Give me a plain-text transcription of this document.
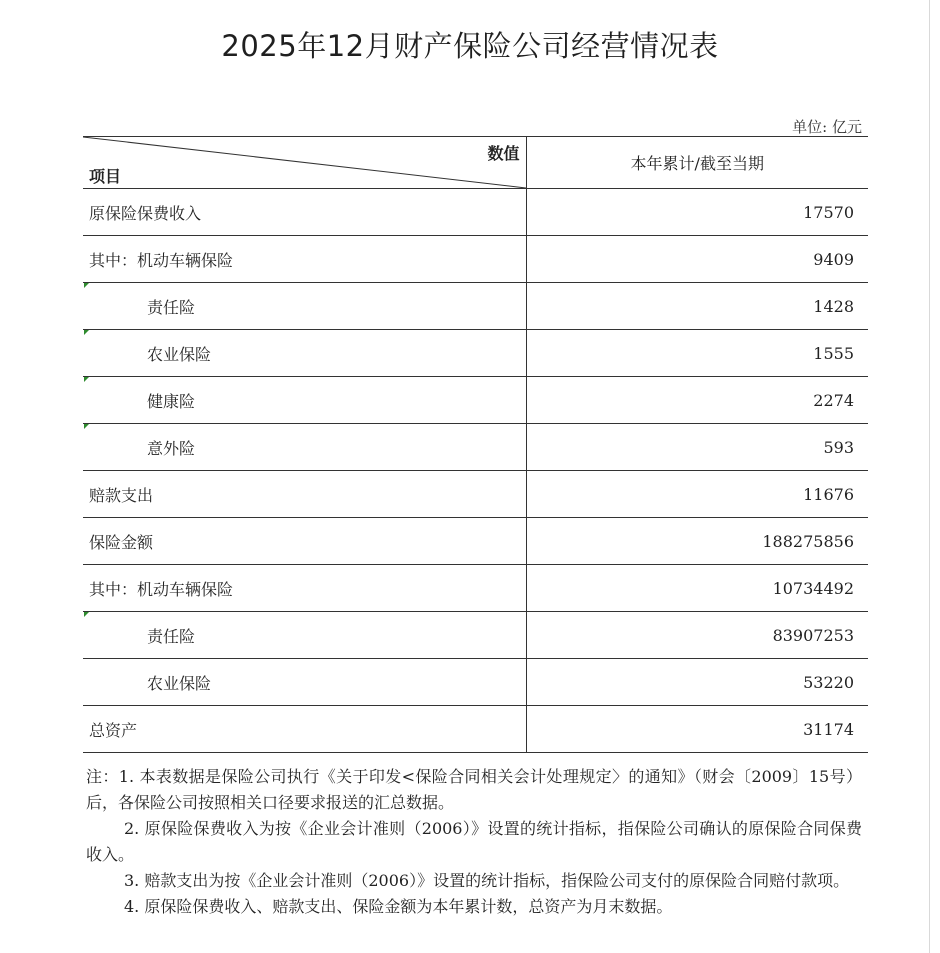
2025年12月财产保险公司经营情况表
单位: 亿元
数值
项目	本年累计/截至当期
原保险保费收入	17570
其中：机动车辆保险	9409

责任险	1428

农业保险	1555

健康险	2274

意外险	593
赔款支出	11676
保险金额	188275856
其中：机动车辆保险	10734492

责任险	83907253
农业保险	53220
总资产	31174

注：1. 本表数据是保险公司执行《关于印发<保险合同相关会计处理规定〉的通知》（财会〔2009〕15号）后，各保险公司按照相关口径要求报送的汇总数据。

2. 原保险保费收入为按《企业会计准则（2006）》设置的统计指标，指保险公司确认的原保险合同保费收入。

3. 赔款支出为按《企业会计准则（2006）》设置的统计指标，指保险公司支付的原保险合同赔付款项。

4. 原保险保费收入、赔款支出、保险金额为本年累计数，总资产为月末数据。
